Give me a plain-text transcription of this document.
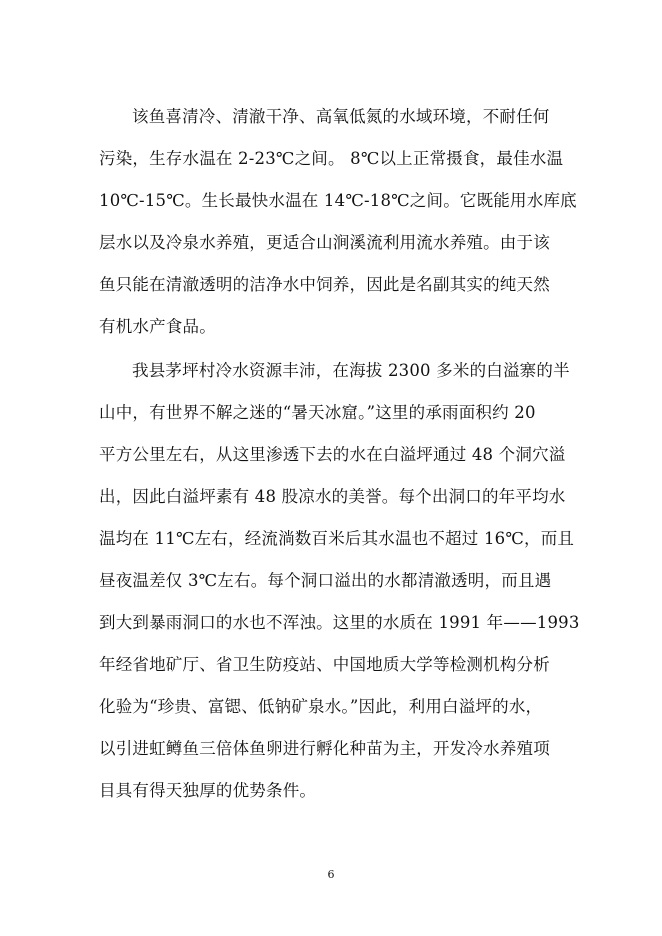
该鱼喜清冷、清澈干净、高氧低氮的水域环境，不耐任何
污染，生存水温在 2-23℃之间。 8℃以上正常摄食，最佳水温
10℃-15℃。生长最快水温在 14℃-18℃之间。它既能用水库底
层水以及冷泉水养殖，更适合山涧溪流利用流水养殖。由于该
鱼只能在清澈透明的洁净水中饲养，因此是名副其实的纯天然
有机水产食品。
我县茅坪村冷水资源丰沛，在海拔 2300 多米的白溢寨的半
山中，有世界不解之迷的“暑天冰窟。”这里的承雨面积约 20
平方公里左右，从这里渗透下去的水在白溢坪通过 48 个洞穴溢
出，因此白溢坪素有 48 股凉水的美誉。每个出洞口的年平均水
温均在 11℃左右，经流淌数百米后其水温也不超过 16℃，而且
昼夜温差仅 3℃左右。每个洞口溢出的水都清澈透明，而且遇
到大到暴雨洞口的水也不浑浊。这里的水质在 1991 年——1993
年经省地矿厅、省卫生防疫站、中国地质大学等检测机构分析
化验为“珍贵、富锶、低钠矿泉水。”因此，利用白溢坪的水，
以引进虹鳟鱼三倍体鱼卵进行孵化种苗为主，开发冷水养殖项
目具有得天独厚的优势条件。
6
